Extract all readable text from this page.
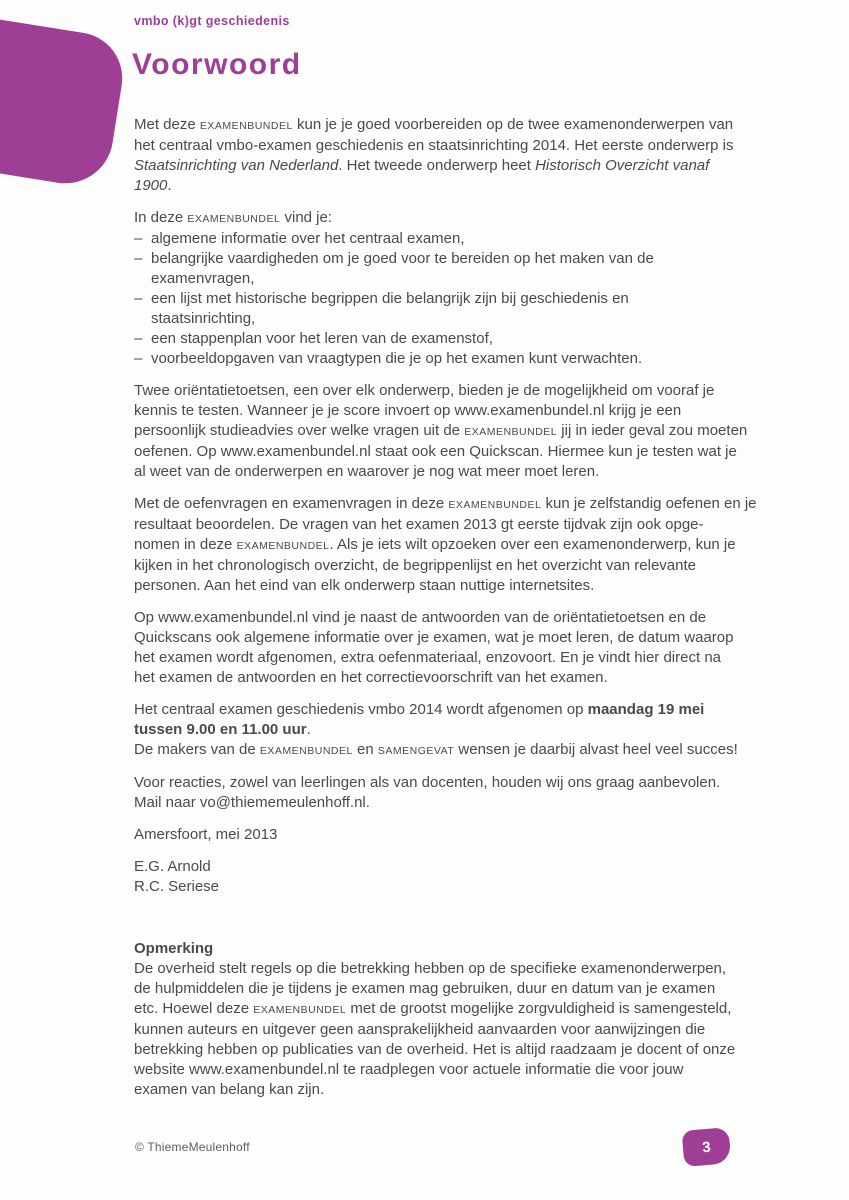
vmbo (k)gt geschiedenis
Voorwoord
Met deze EXAMENBUNDEL kun je je goed voorbereiden op de twee examenonderwerpen van
het centraal vmbo-examen geschiedenis en staatsinrichting 2014. Het eerste onderwerp is
Staatsinrichting van Nederland. Het tweede onderwerp heet Historisch Overzicht vanaf
1900.
In deze EXAMENBUNDEL vind je:
– algemene informatie over het centraal examen,
– belangrijke vaardigheden om je goed voor te bereiden op het maken van de
examenvragen,
– een lijst met historische begrippen die belangrijk zijn bij geschiedenis en
staatsinrichting,
– een stappenplan voor het leren van de examenstof,
– voorbeeldopgaven van vraagtypen die je op het examen kunt verwachten.
Twee oriëntatietoetsen, een over elk onderwerp, bieden je de mogelijkheid om vooraf je
kennis te testen. Wanneer je je score invoert op www.examenbundel.nl krijg je een
persoonlijk studieadvies over welke vragen uit de EXAMENBUNDEL jij in ieder geval zou moeten
oefenen. Op www.examenbundel.nl staat ook een Quickscan. Hiermee kun je testen wat je
al weet van de onderwerpen en waarover je nog wat meer moet leren.
Met de oefenvragen en examenvragen in deze EXAMENBUNDEL kun je zelfstandig oefenen en je
resultaat beoordelen. De vragen van het examen 2013 gt eerste tijdvak zijn ook opge-
nomen in deze EXAMENBUNDEL. Als je iets wilt opzoeken over een examenonderwerp, kun je
kijken in het chronologisch overzicht, de begrippenlijst en het overzicht van relevante
personen. Aan het eind van elk onderwerp staan nuttige internetsites.
Op www.examenbundel.nl vind je naast de antwoorden van de oriëntatietoetsen en de
Quickscans ook algemene informatie over je examen, wat je moet leren, de datum waarop
het examen wordt afgenomen, extra oefenmateriaal, enzovoort. En je vindt hier direct na
het examen de antwoorden en het correctievoorschrift van het examen.
Het centraal examen geschiedenis vmbo 2014 wordt afgenomen op maandag 19 mei
tussen 9.00 en 11.00 uur.
De makers van de EXAMENBUNDEL en SAMENGEVAT wensen je daarbij alvast heel veel succes!
Voor reacties, zowel van leerlingen als van docenten, houden wij ons graag aanbevolen.
Mail naar vo@thiememeulenhoff.nl.
Amersfoort, mei 2013
E.G. Arnold
R.C. Seriese
Opmerking
De overheid stelt regels op die betrekking hebben op de specifieke examenonderwerpen,
de hulpmiddelen die je tijdens je examen mag gebruiken, duur en datum van je examen
etc. Hoewel deze EXAMENBUNDEL met de grootst mogelijke zorgvuldigheid is samengesteld,
kunnen auteurs en uitgever geen aansprakelijkheid aanvaarden voor aanwijzingen die
betrekking hebben op publicaties van de overheid. Het is altijd raadzaam je docent of onze
website www.examenbundel.nl te raadplegen voor actuele informatie die voor jouw
examen van belang kan zijn.
© ThiemeMeulenhoff	3
